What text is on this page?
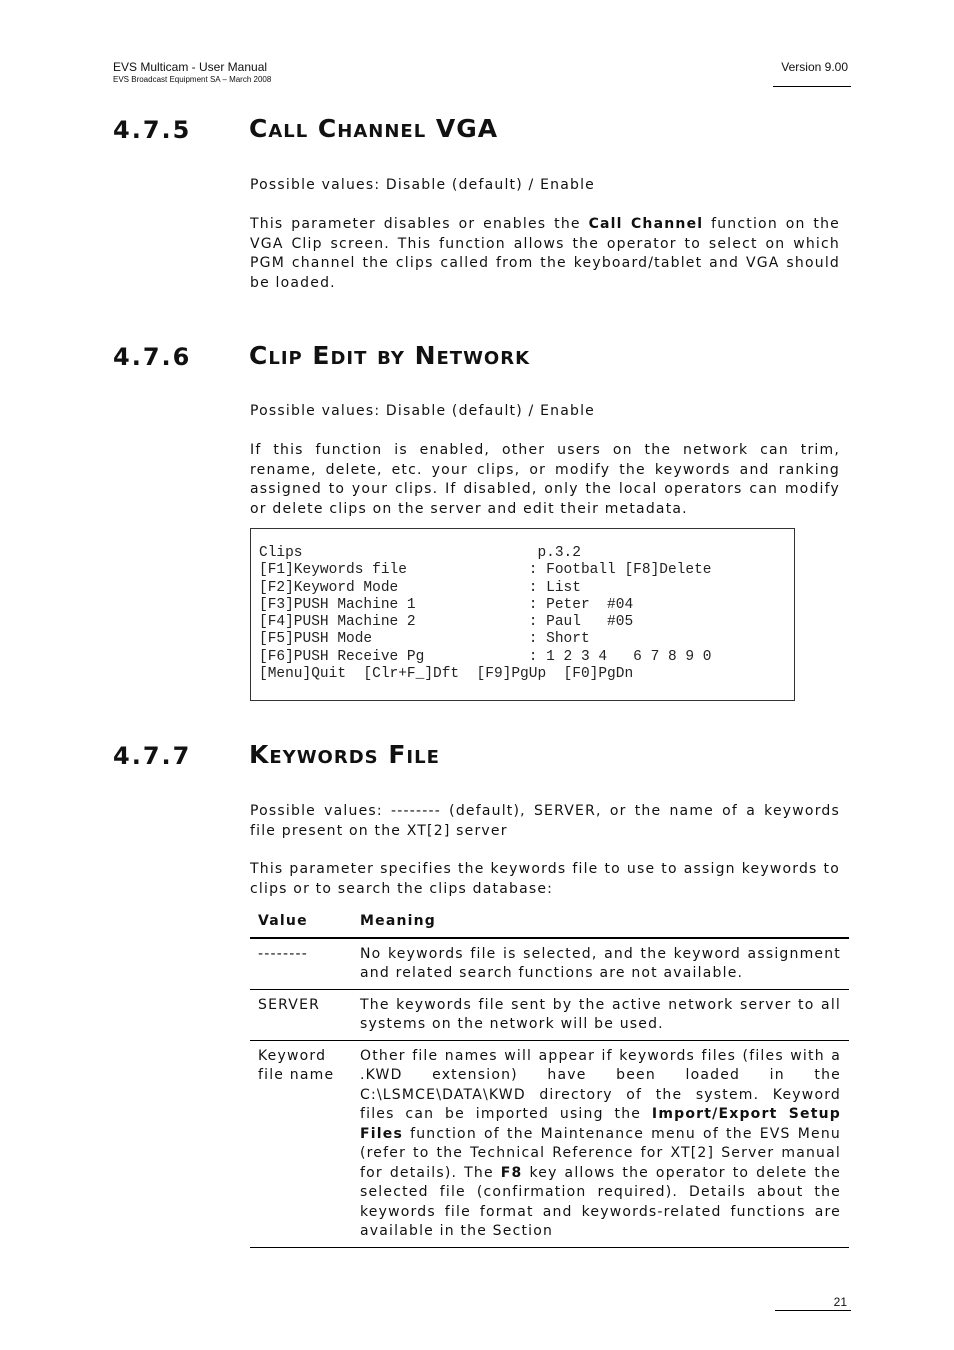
EVS Multicam - User Manual
EVS Broadcast Equipment SA – March 2008
Version 9.00
4.7.5 Call Channel VGA
Possible values: Disable (default) / Enable
This parameter disables or enables the Call Channel function on the VGA Clip screen. This function allows the operator to select on which PGM channel the clips called from the keyboard/tablet and VGA should be loaded.
4.7.6 Clip Edit by Network
Possible values: Disable (default) / Enable
If this function is enabled, other users on the network can trim, rename, delete, etc. your clips, or modify the keywords and ranking assigned to your clips. If disabled, only the local operators can modify or delete clips on the server and edit their metadata.
Clips                           p.3.2
[F1]Keywords file              : Football [F8]Delete
[F2]Keyword Mode               : List
[F3]PUSH Machine 1             : Peter  #04
[F4]PUSH Machine 2             : Paul   #05
[F5]PUSH Mode                  : Short
[F6]PUSH Receive Pg            : 1 2 3 4   6 7 8 9 0
[Menu]Quit  [Clr+F_]Dft  [F9]PgUp  [F0]PgDn
4.7.7 Keywords File
Possible values: -------- (default), SERVER, or the name of a keywords file present on the XT[2] server
This parameter specifies the keywords file to use to assign keywords to clips or to search the clips database:
Value	Meaning
--------	No keywords file is selected, and the keyword assignment and related search functions are not available.
SERVER	The keywords file sent by the active network server to all systems on the network will be used.
Keyword file name	Other file names will appear if keywords files (files with a .KWD extension) have been loaded in the C:\LSMCE\DATA\KWD directory of the system. Keyword files can be imported using the Import/Export Setup Files function of the Maintenance menu of the EVS Menu (refer to the Technical Reference for XT[2] Server manual for details). The F8 key allows the operator to delete the selected file (confirmation required). Details about the keywords file format and keywords-related functions are available in the Section
21
